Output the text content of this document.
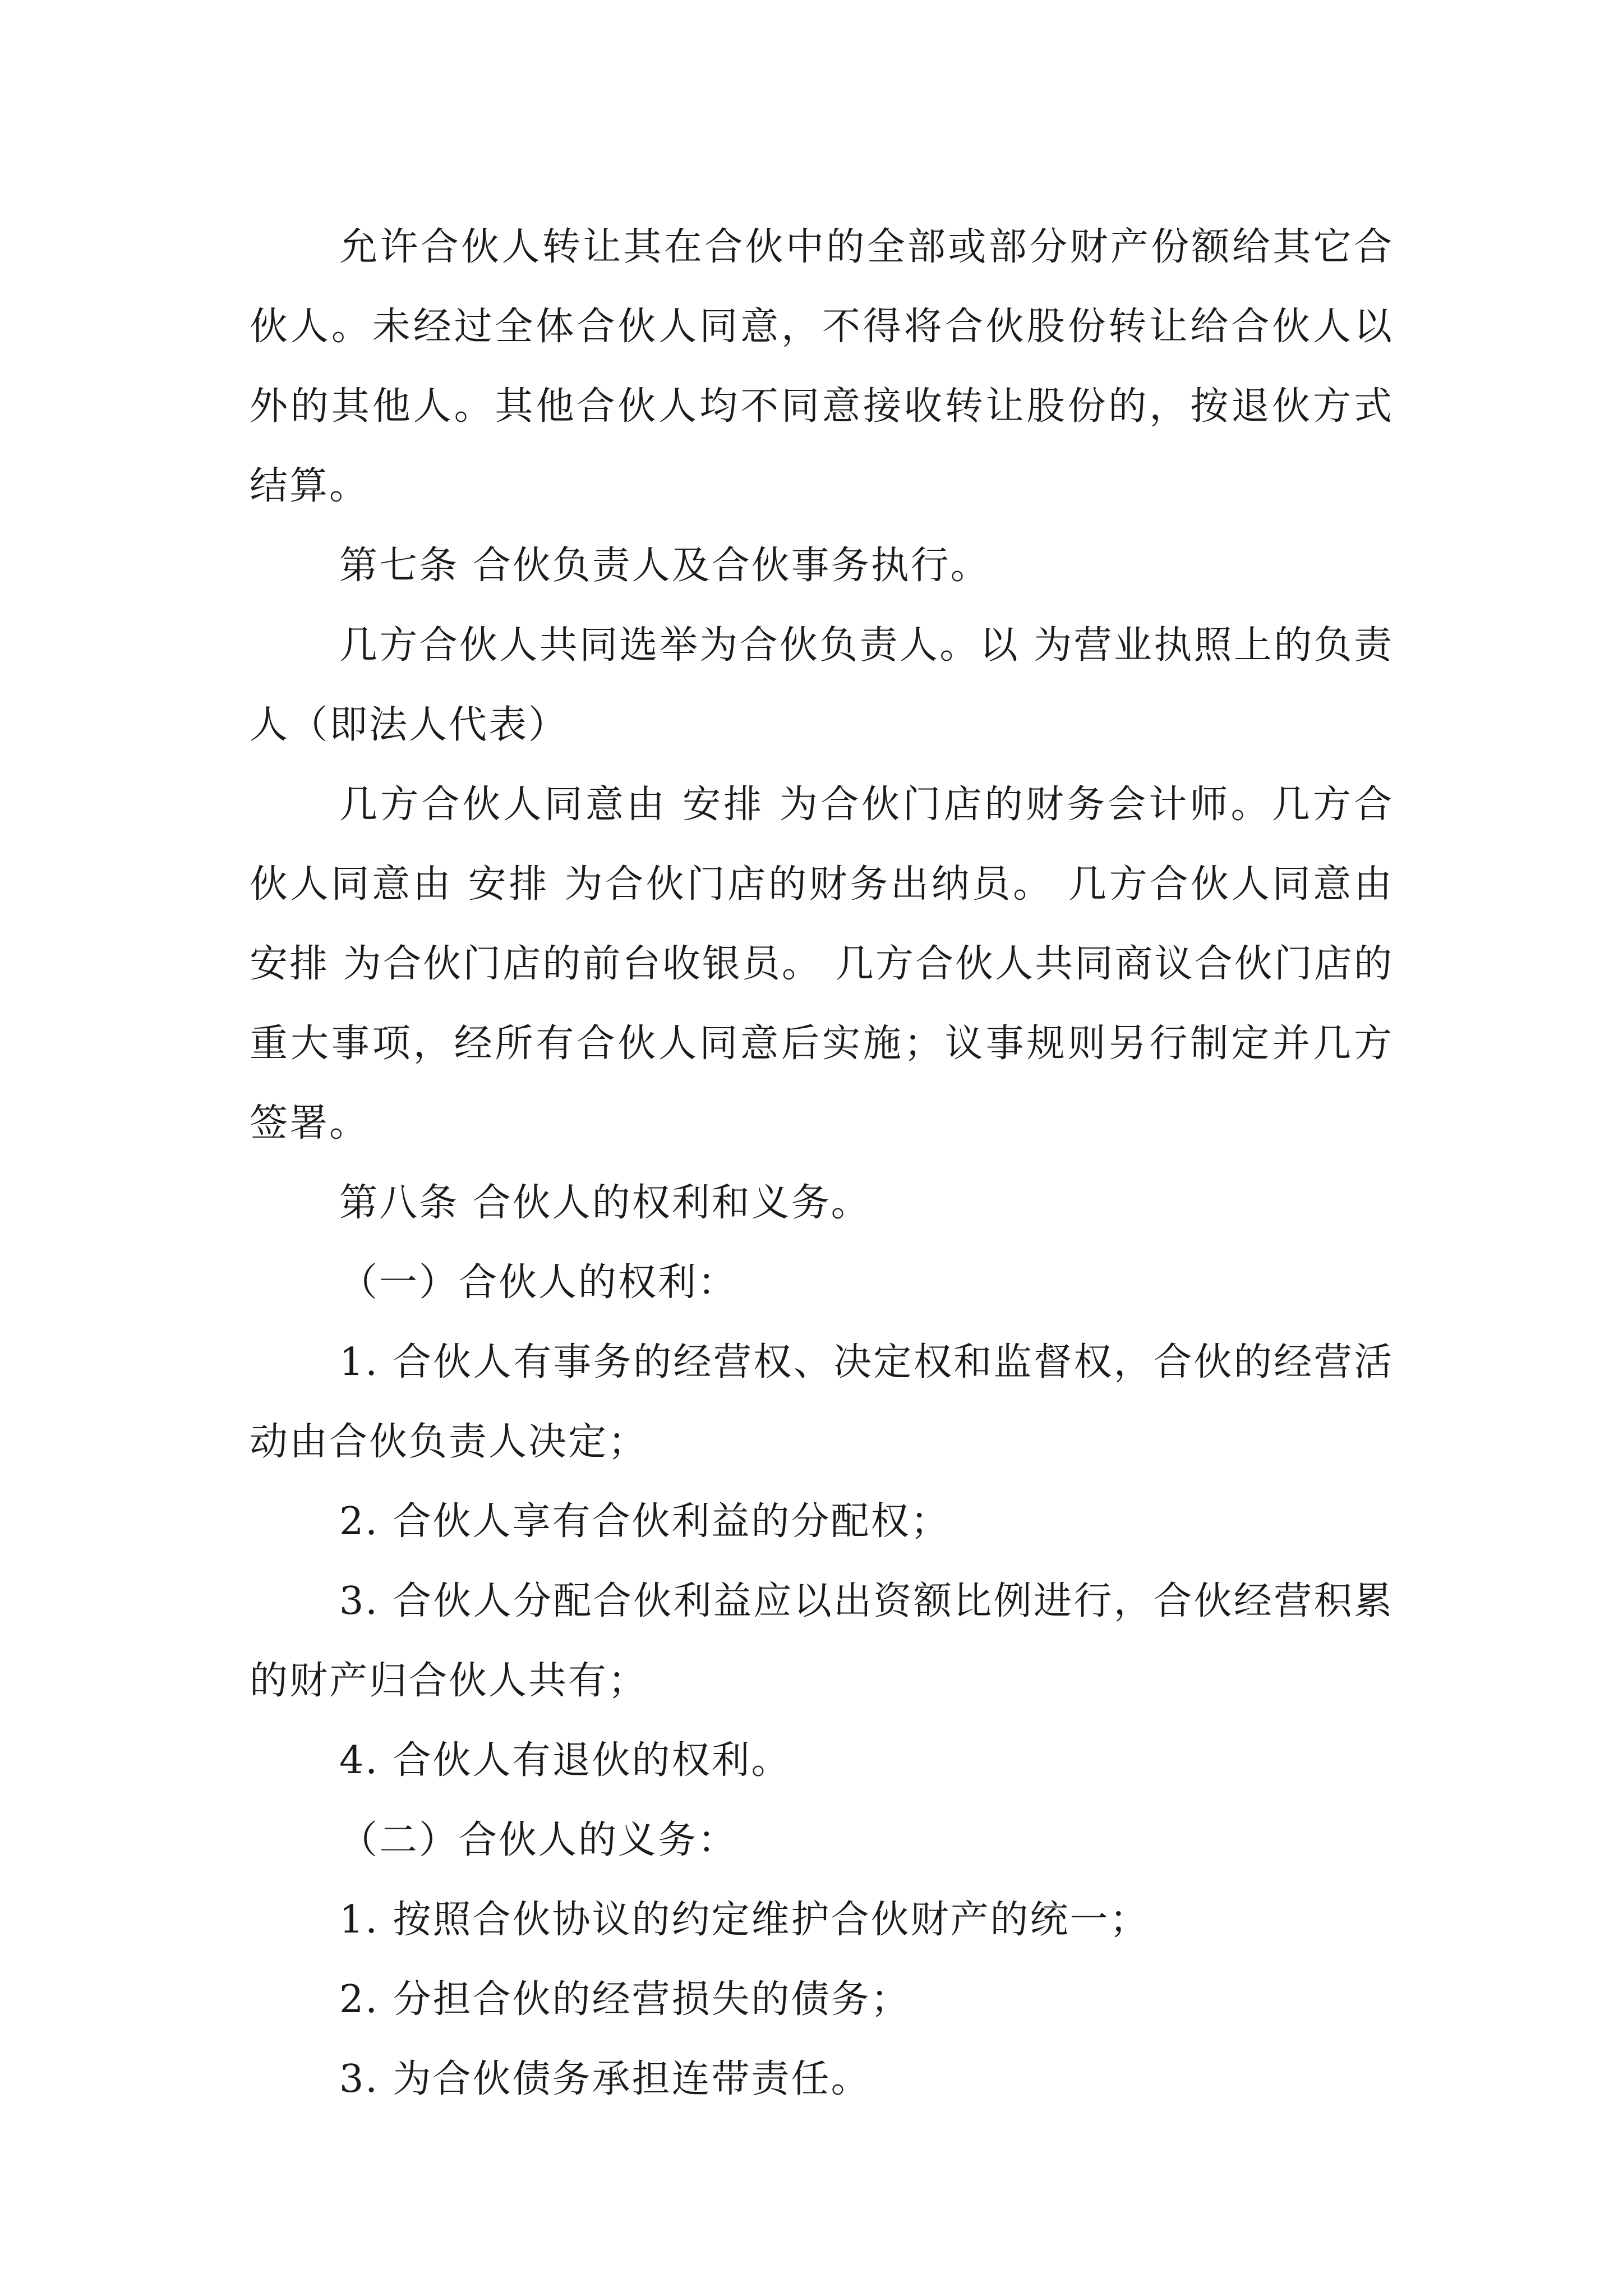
允许合伙人转让其在合伙中的全部或部分财产份额给其它合伙人。未经过全体合伙人同意，不得将合伙股份转让给合伙人以外的其他人。其他合伙人均不同意接收转让股份的，按退伙方式结算。

第七条 合伙负责人及合伙事务执行。

几方合伙人共同选举为合伙负责人。以 为营业执照上的负责人（即法人代表）

几方合伙人同意由 安排 为合伙门店的财务会计师。几方合伙人同意由 安排 为合伙门店的财务出纳员。 几方合伙人同意由 安排 为合伙门店的前台收银员。 几方合伙人共同商议合伙门店的重大事项，经所有合伙人同意后实施；议事规则另行制定并几方签署。

第八条 合伙人的权利和义务。

（一）合伙人的权利：

1. 合伙人有事务的经营权、决定权和监督权，合伙的经营活动由合伙负责人决定；

2. 合伙人享有合伙利益的分配权；

3. 合伙人分配合伙利益应以出资额比例进行，合伙经营积累的财产归合伙人共有；

4. 合伙人有退伙的权利。

（二）合伙人的义务：

1. 按照合伙协议的约定维护合伙财产的统一；

2. 分担合伙的经营损失的债务；

3. 为合伙债务承担连带责任。
